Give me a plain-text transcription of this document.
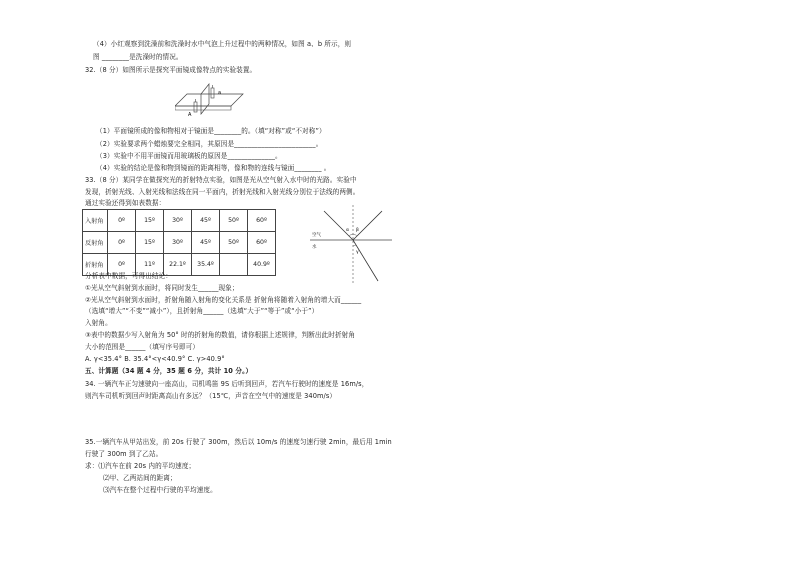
（4）小红观察到洗澡前和洗澡时水中气泡上升过程中的两种情况，如图 a、b 所示，则
图 ________是洗澡时的情况。
32.（8 分）如图所示是探究平面镜成像特点的实验装置。
a
A
（1）平面镜所成的像和物相对于镜面是________的。（填“对称”或“不对称”）
（2）实验要求两个蜡烛要完全相同，其原因是________________________。
（3）实验中不用平面镜而用玻璃板的原因是______________。
（4）实验的结论是像和物到镜面的距离相等，像和物的连线与镜面________ 。
33.（8 分）某同学在做探究光的折射特点实验，如图是光从空气射入水中时的光路。实验中
发现，折射光线、入射光线和法线在同一平面内，折射光线和入射光线分别位于法线的两侧。
通过实验还得到如表数据：
入射角	0º	15º	30º	45º	50º	60º
反射角	0º	15º	30º	45º	50º	60º
折射角	0º	11º	22.1º	35.4º		40.9º
α β
γ
空气
水
分析表中数据，可得出结论：
①光从空气斜射到水面时，将同时发生______现象；
②光从空气斜射到水面时，折射角随入射角的变化关系是 折射角将随着入射角的增大而______
（选填“增大”“不变”“减小”），且折射角______（选填“大于”“等于”或“小于”）
入射角。
③表中的数据少写入射角为 50° 时的折射角的数值，请你根据上述规律，判断出此时折射角
大小的范围是______（填写序号即可）
A. γ<35.4° B. 35.4°<γ<40.9° C. γ>40.9°
五、计算题（34 题 4 分，35 题 6 分，共计 10 分。）
34. 一辆汽车正匀速驶向一座高山，司机鸣笛 9S 后听到回声，若汽车行驶时的速度是 16m/s，
则汽车司机听到回声时距离高山有多远？（15℃，声音在空气中的速度是 340m/s）
35.一辆汽车从甲站出发，前 20s 行驶了 300m，然后以 10m/s 的速度匀速行驶 2min，最后用 1min
行驶了 300m 到了乙站。
求：⑴汽车在前 20s 内的平均速度；
⑵甲、乙两站间的距离；
⑶汽车在整个过程中行驶的平均速度。
